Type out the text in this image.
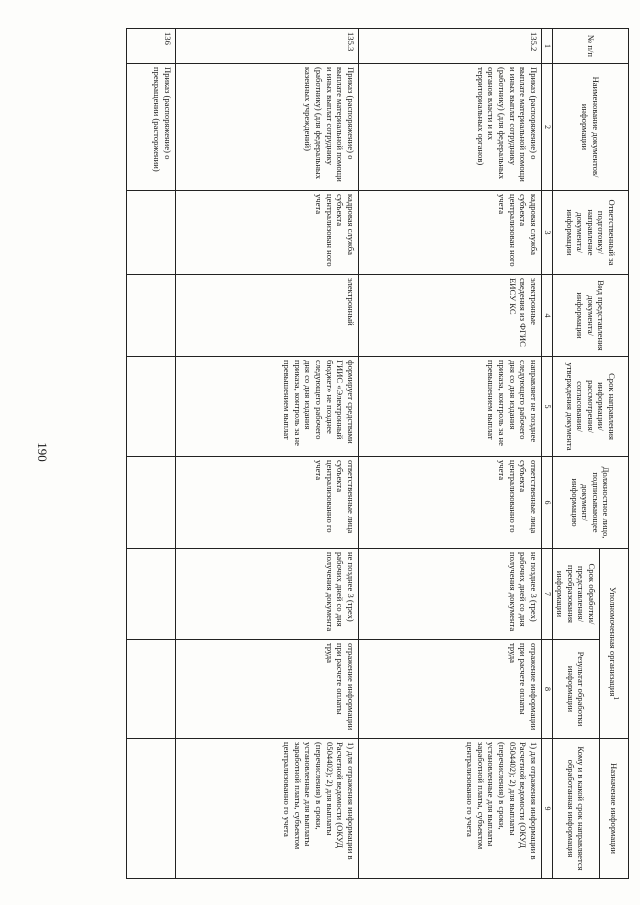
190
№ п/п	Наименование документов/ информации	Ответственный за подготовку/ направление документа/ информации	Вид представления документа/ информации	Срок направления информации/ рассмотрения/ согласования/ утверждения документа	Должностное лицо, подписывающее документ/ информацию	Уполномоченная организация$^1$		Назначение информации
						Срок обработки/ представления/ преобразования информации	Результат обработки информации	Кому и в какой срок направляется обработанная информация
1	2	3	4	5	6	7	8	9
135.2	Приказ (распоряжение) о выплате материальной помощи и иных выплат сотруднику (работнику) (для федеральных органов власти и их территориальных органов)	кадровая служба субъекта централизован ного учета	электронные сведения из ФГИС ЕИСУ КС	направляет не позднее следующего рабочего дня со дня издания приказа, контроль за не превышением выплат	ответственные лица субъекта централизованно го учета	не позднее 3 (трех) рабочих дней со дня получения документа	отражение информации при расчете оплаты труда	1) для отражения информации в Расчетной ведомости (ОКУД 0504402); 2) для выплаты (перечисления) в сроки, установленные для выплаты заработной платы, субъектом централизованно го учета
135.3	Приказ (распоряжение) о выплате материальной помощи и иных выплат сотруднику (работнику) (для федеральных казенных учреждений)	кадровая служба субъекта централизован ного учета	электронный	формирует средствами ГИИС «Электронный бюджет» не позднее следующего рабочего дня со дня издания приказа, контроль за не превышением выплат	ответственные лица субъекта централизованно го учета	не позднее 3 (трех) рабочих дней со дня получения документа	отражение информации при расчете оплаты труда	1) для отражения информации в Расчетной ведомости (ОКУД 0504402); 2) для выплаты (перечисления) в сроки, установленные для выплаты заработной платы, субъектом централизованно го учета
136	Приказ (распоряжение) о прекращении (расторжении)							
